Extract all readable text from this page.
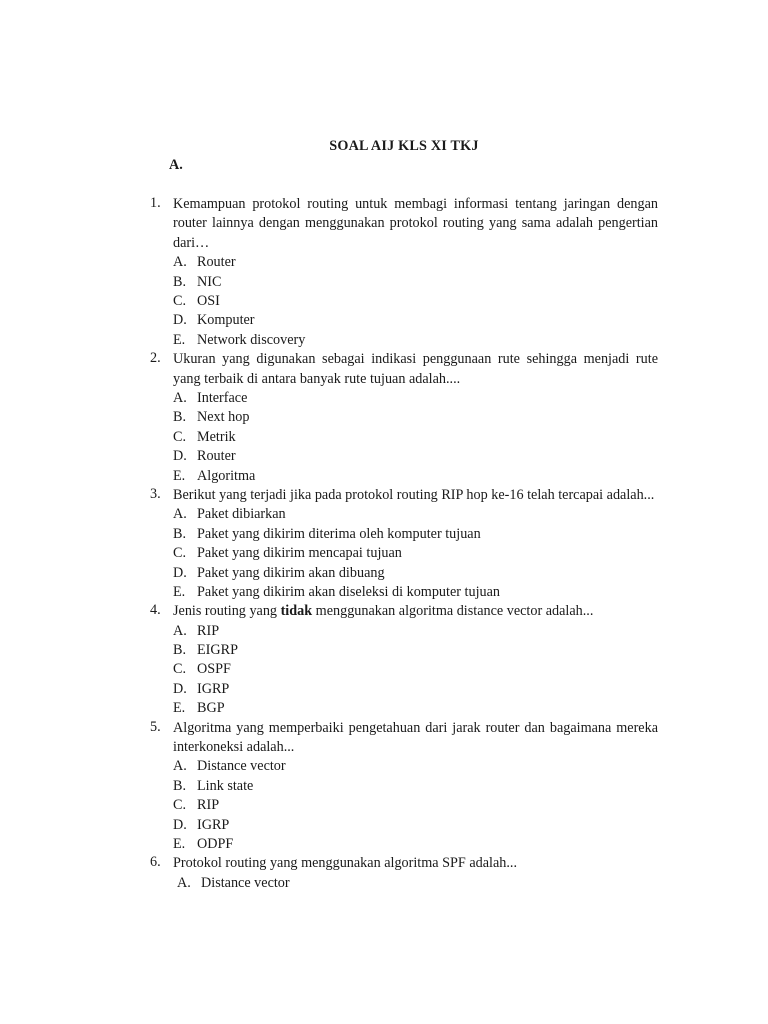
SOAL AIJ KLS XI TKJ
A.
1. Kemampuan protokol routing untuk membagi informasi tentang jaringan dengan router lainnya dengan menggunakan protokol routing yang sama adalah pengertian dari…
A. Router
B. NIC
C. OSI
D. Komputer
E. Network discovery
2. Ukuran yang digunakan sebagai indikasi penggunaan rute sehingga menjadi rute yang terbaik di antara banyak rute tujuan adalah....
A. Interface
B. Next hop
C. Metrik
D. Router
E. Algoritma
3. Berikut yang terjadi jika pada protokol routing RIP hop ke-16 telah tercapai adalah...
A. Paket dibiarkan
B. Paket yang dikirim diterima oleh komputer tujuan
C. Paket yang dikirim mencapai tujuan
D. Paket yang dikirim akan dibuang
E. Paket yang dikirim akan diseleksi di komputer tujuan
4. Jenis routing yang tidak menggunakan algoritma distance vector adalah...
A. RIP
B. EIGRP
C. OSPF
D. IGRP
E. BGP
5. Algoritma yang memperbaiki pengetahuan dari jarak router dan bagaimana mereka interkoneksi adalah...
A. Distance vector
B. Link state
C. RIP
D. IGRP
E. ODPF
6. Protokol routing yang menggunakan algoritma SPF adalah...
A. Distance vector
